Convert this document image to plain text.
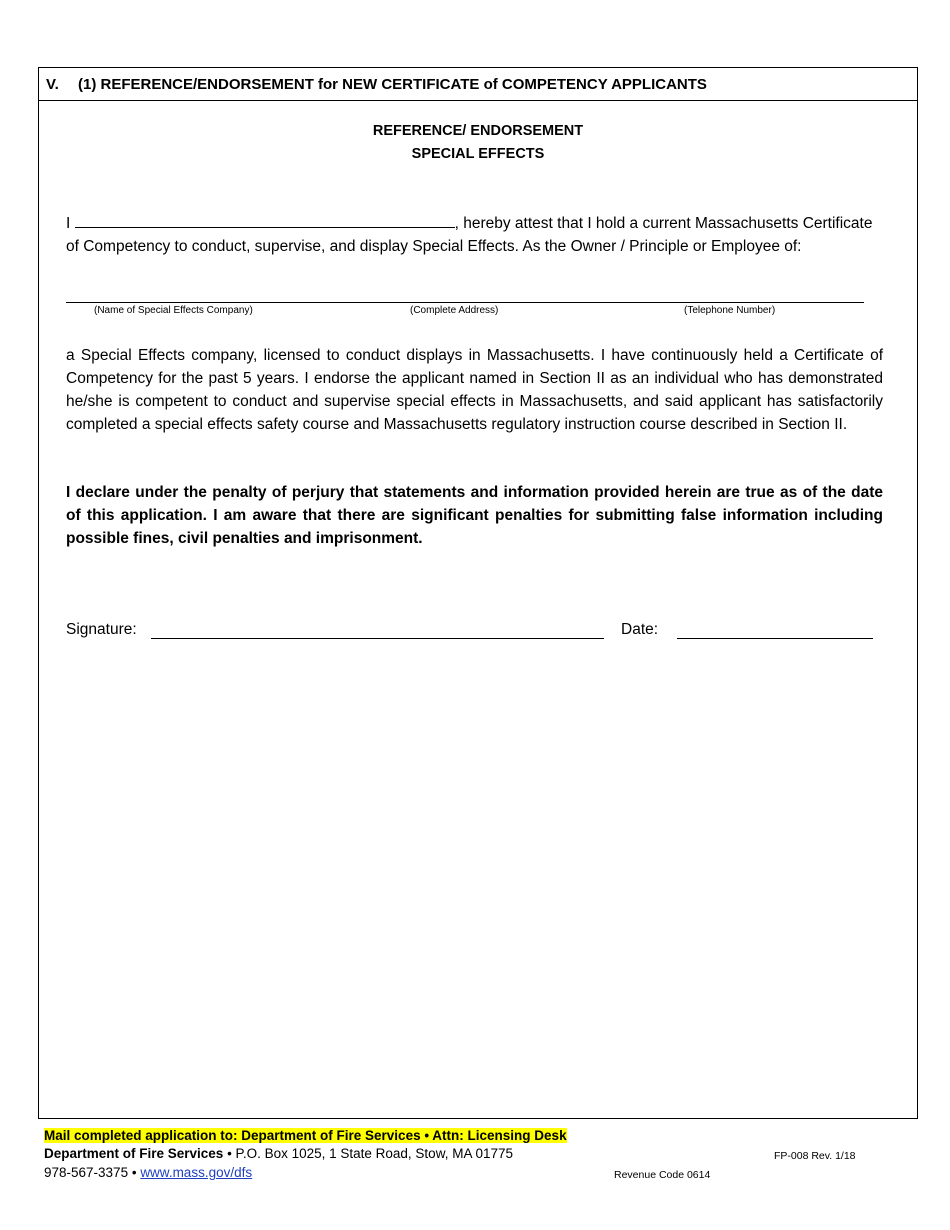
V. (1) REFERENCE/ENDORSEMENT for NEW CERTIFICATE of COMPETENCY APPLICANTS
REFERENCE/ ENDORSEMENT
SPECIAL EFFECTS
I	, hereby attest that I hold a current Massachusetts Certificate of Competency to conduct, supervise, and display Special Effects. As the Owner / Principle or Employee of:
(Name of Special Effects Company)	(Complete Address)	(Telephone Number)
a Special Effects company, licensed to conduct displays in Massachusetts. I have continuously held a Certificate of Competency for the past 5 years. I endorse the applicant named in Section II as an individual who has demonstrated he/she is competent to conduct and supervise special effects in Massachusetts, and said applicant has satisfactorily completed a special effects safety course and Massachusetts regulatory instruction course described in Section II.
I declare under the penalty of perjury that statements and information provided herein are true as of the date of this application. I am aware that there are significant penalties for submitting false information including possible fines, civil penalties and imprisonment.
Signature:	Date:
Mail completed application to: Department of Fire Services • Attn: Licensing Desk
Department of Fire Services • P.O. Box 1025, 1 State Road, Stow, MA 01775
978-567-3375 • www.mass.gov/dfs
FP-008 Rev. 1/18
Revenue Code 0614
